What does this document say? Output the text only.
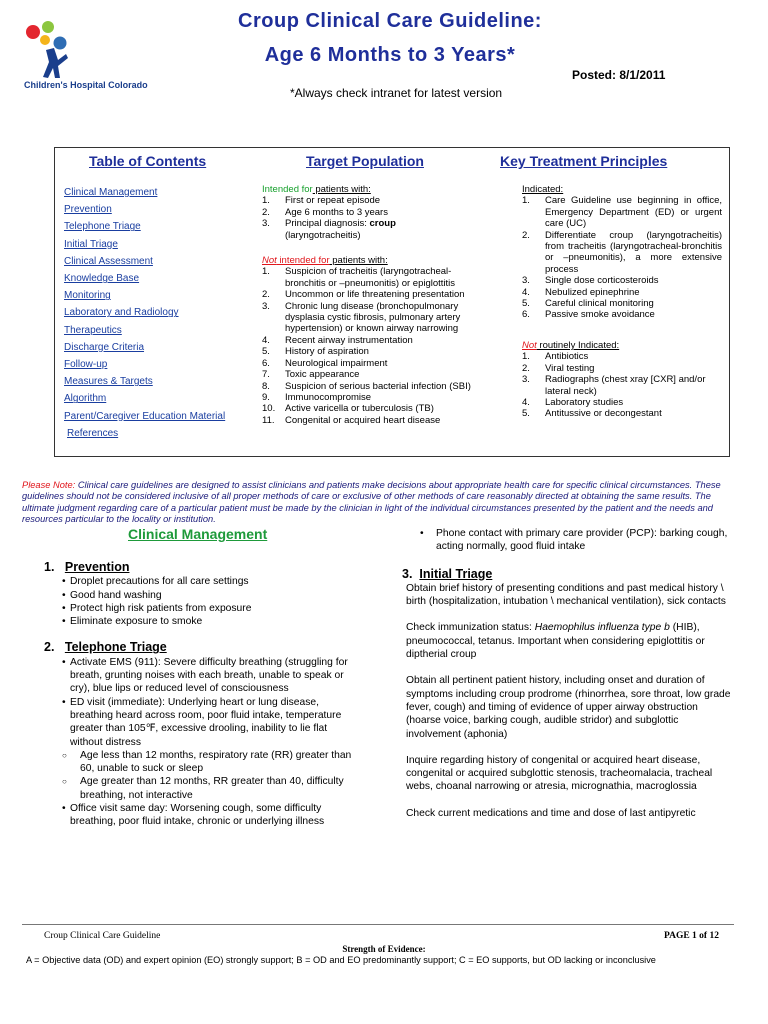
Children's Hospital Colorado
Croup Clinical Care Guideline:
Age 6 Months to 3 Years*
Posted: 8/1/2011
*Always check intranet for latest version
Table of Contents
Clinical Management
Prevention
Telephone Triage
Initial Triage
Clinical Assessment
Knowledge Base
Monitoring
Laboratory and Radiology
Therapeutics
Discharge Criteria
Follow-up
Measures & Targets
Algorithm
Parent/Caregiver Education Material
References
Target Population
Intended for patients with:
1. First or repeat episode
2. Age 6 months to 3 years
3. Principal diagnosis: croup
(laryngotracheitis)
Not intended for patients with:
1. Suspicion of tracheitis (laryngotracheal-bronchitis or –pneumonitis) or epiglottitis
2. Uncommon or life threatening presentation
3. Chronic lung disease (bronchopulmonary dysplasia cystic fibrosis, pulmonary artery hypertension) or known airway narrowing
4. Recent airway instrumentation
5. History of aspiration
6. Neurological impairment
7. Toxic appearance
8. Suspicion of serious bacterial infection (SBI)
9. Immunocompromise
10. Active varicella or tuberculosis (TB)
11. Congenital or acquired heart disease
Key Treatment Principles
Indicated:
1. Care Guideline use beginning in office, Emergency Department (ED) or urgent care (UC)
2. Differentiate croup (laryngotracheitis) from tracheitis (laryngotracheal-bronchitis or –pneumonitis), a more extensive process
3. Single dose corticosteroids
4. Nebulized epinephrine
5. Careful clinical monitoring
6. Passive smoke avoidance
Not routinely Indicated:
1. Antibiotics
2. Viral testing
3. Radiographs (chest xray [CXR] and/or lateral neck)
4. Laboratory studies
5. Antitussive or decongestant
Please Note: Clinical care guidelines are designed to assist clinicians and patients make decisions about appropriate health care for specific clinical circumstances. These guidelines should not be considered inclusive of all proper methods of care or exclusive of other methods of care reasonably directed at obtaining the same results. The ultimate judgment regarding care of a particular patient must be made by the clinician in light of the individual circumstances presented by the patient and the needs and resources particular to the locality or institution.
Clinical Management
1. Prevention
• Droplet precautions for all care settings
• Good hand washing
• Protect high risk patients from exposure
• Eliminate exposure to smoke
2. Telephone Triage
• Activate EMS (911): Severe difficulty breathing (struggling for breath, grunting noises with each breath, unable to speak or cry), blue lips or reduced level of consciousness
• ED visit (immediate): Underlying heart or lung disease, breathing heard across room, poor fluid intake, temperature greater than 105℉, excessive drooling, inability to lie flat without distress
○ Age less than 12 months, respiratory rate (RR) greater than 60, unable to suck or sleep
○ Age greater than 12 months, RR greater than 40, difficulty breathing, not interactive
• Office visit same day: Worsening cough, some difficulty breathing, poor fluid intake, chronic or underlying illness
• Phone contact with primary care provider (PCP): barking cough, acting normally, good fluid intake
3. Initial Triage

Obtain brief history of presenting conditions and past medical history \ birth (hospitalization, intubation \ mechanical ventilation), sick contacts

Check immunization status: Haemophilus influenza type b (HIB), pneumococcal, tetanus. Important when considering epiglottitis or diptherial croup

Obtain all pertinent patient history, including onset and duration of symptoms including croup prodrome (rhinorrhea, sore throat, low grade fever, cough) and timing of evidence of upper airway obstruction (hoarse voice, barking cough, audible stridor) and subglottic involvement (aphonia)

Inquire regarding history of congenital or acquired heart disease, congenital or acquired subglottic stenosis, tracheomalacia, tracheal webs, choanal narrowing or atresia, micrognathia, macroglossia

Check current medications and time and dose of last antipyretic

Croup Clinical Care Guideline	PAGE 1 of 12
Strength of Evidence:
A = Objective data (OD) and expert opinion (EO) strongly support; B = OD and EO predominantly support; C = EO supports, but OD lacking or inconclusive
